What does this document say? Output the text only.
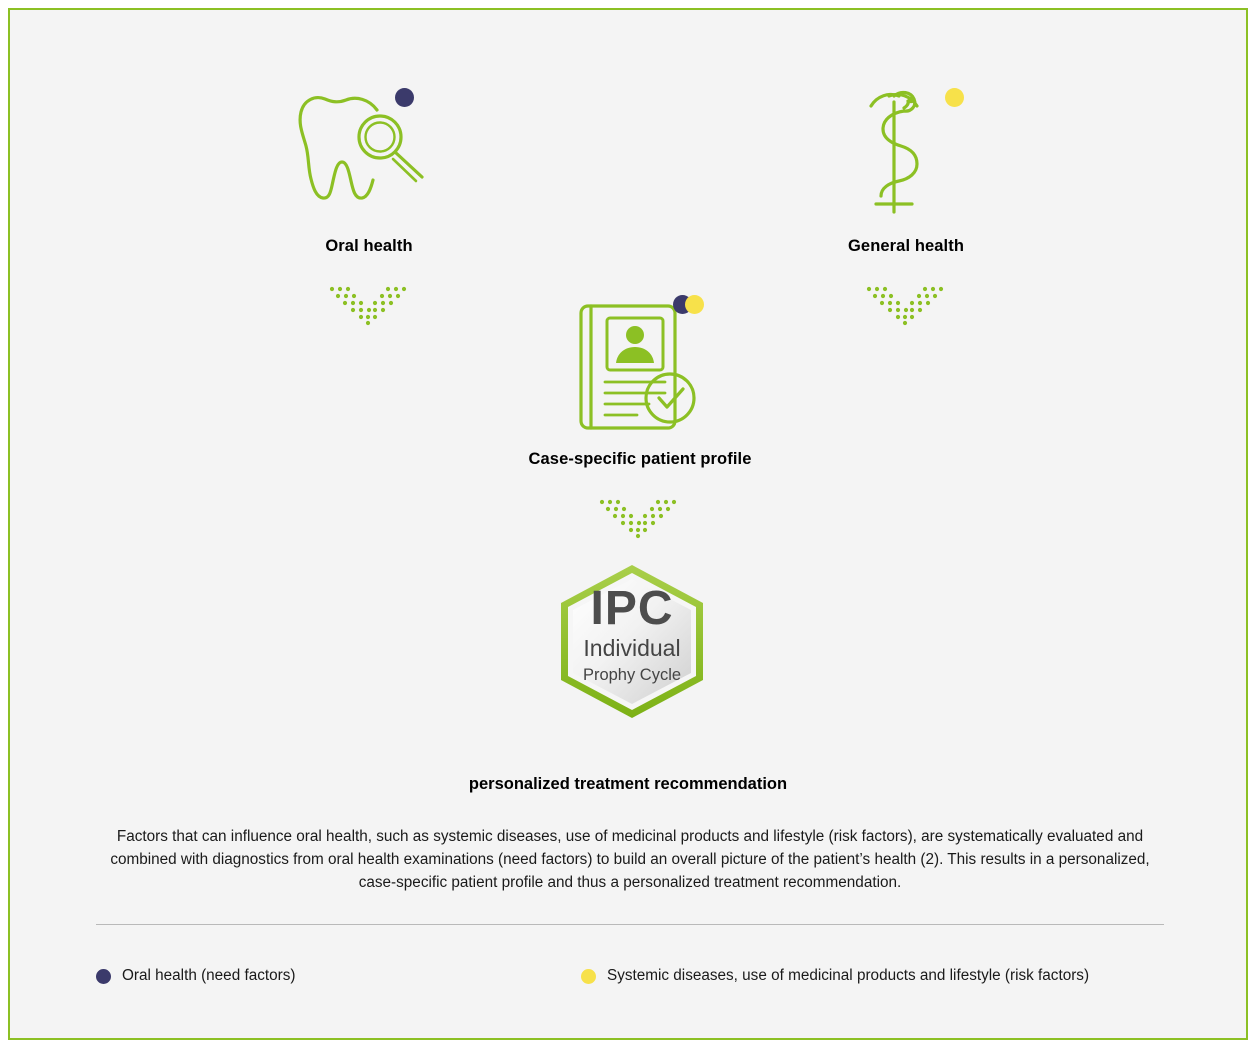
Oral health	General health
Case-specific patient profile
IPC
Individual
Prophy Cycle
personalized treatment recommendation
Factors that can influence oral health, such as systemic diseases, use of medicinal products and lifestyle (risk factors), are systematically evaluated and combined with diagnostics from oral health examinations (need factors) to build an overall picture of the patient’s health (2). This results in a personalized, case-specific patient profile and thus a personalized treatment recommendation.
Oral health (need factors)	Systemic diseases, use of medicinal products and lifestyle (risk factors)
